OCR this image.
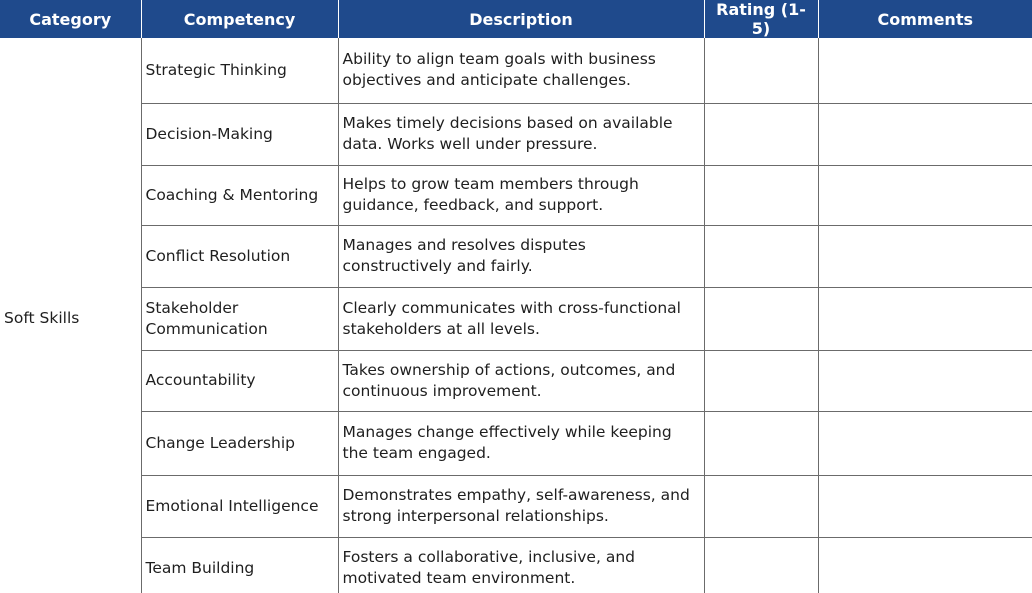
Category	Competency	Description	Rating (1-5)	Comments
Soft Skills	Strategic Thinking	Ability to align team goals with business objectives and anticipate challenges.		
	Decision-Making	Makes timely decisions based on available data. Works well under pressure.		
	Coaching & Mentoring	Helps to grow team members through guidance, feedback, and support.		
	Conflict Resolution	Manages and resolves disputes constructively and fairly.		
	Stakeholder Communication	Clearly communicates with cross-functional stakeholders at all levels.		
	Accountability	Takes ownership of actions, outcomes, and continuous improvement.		
	Change Leadership	Manages change effectively while keeping the team engaged.		
	Emotional Intelligence	Demonstrates empathy, self-awareness, and strong interpersonal relationships.		
	Team Building	Fosters a collaborative, inclusive, and motivated team environment.		
